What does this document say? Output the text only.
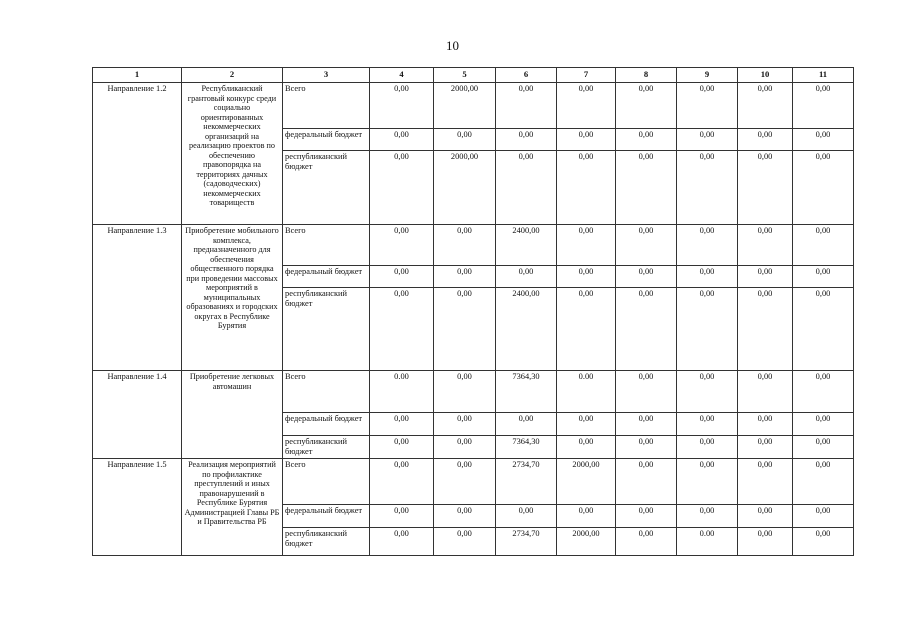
10
1	2	3	4	5	6	7	8	9	10	11
Направление 1.2	Республиканский грантовый конкурс среди социально ориентированных некоммерческих организаций на реализацию проектов по обеспечению правопорядка на территориях дачных (садоводческих) некоммерческих товариществ	Всего	0,00	2000,00	0,00	0,00	0,00	0,00	0,00	0,00
		федеральный бюджет	0,00	0,00	0,00	0,00	0,00	0,00	0,00	0,00
		республиканский бюджет	0,00	2000,00	0,00	0,00	0,00	0,00	0,00	0,00
Направление 1.3	Приобретение мобильного комплекса, предназначенного для обеспечения общественного порядка при проведении массовых мероприятий в муниципальных образованиях и городских округах в Республике Бурятия	Всего	0,00	0,00	2400,00	0,00	0,00	0,00	0,00	0,00
		федеральный бюджет	0,00	0,00	0,00	0,00	0,00	0,00	0,00	0,00
		республиканский бюджет	0,00	0,00	2400,00	0,00	0,00	0,00	0,00	0,00
Направление 1.4	Приобретение легковых автомашин	Всего	0.00	0,00	7364,30	0.00	0,00	0,00	0,00	0,00
		федеральный бюджет	0,00	0,00	0,00	0,00	0,00	0,00	0,00	0,00
		республиканский бюджет	0,00	0,00	7364,30	0,00	0,00	0,00	0,00	0,00
Направление 1.5	Реализация мероприятий по профилактике преступлений и иных правонарушений в Республике Бурятия Администрацией Главы РБ и Правительства РБ	Всего	0,00	0,00	2734,70	2000,00	0,00	0,00	0,00	0,00
		федеральный бюджет	0,00	0,00	0,00	0,00	0,00	0,00	0,00	0,00
		республиканский бюджет	0,00	0,00	2734,70	2000,00	0,00	0.00	0,00	0,00
